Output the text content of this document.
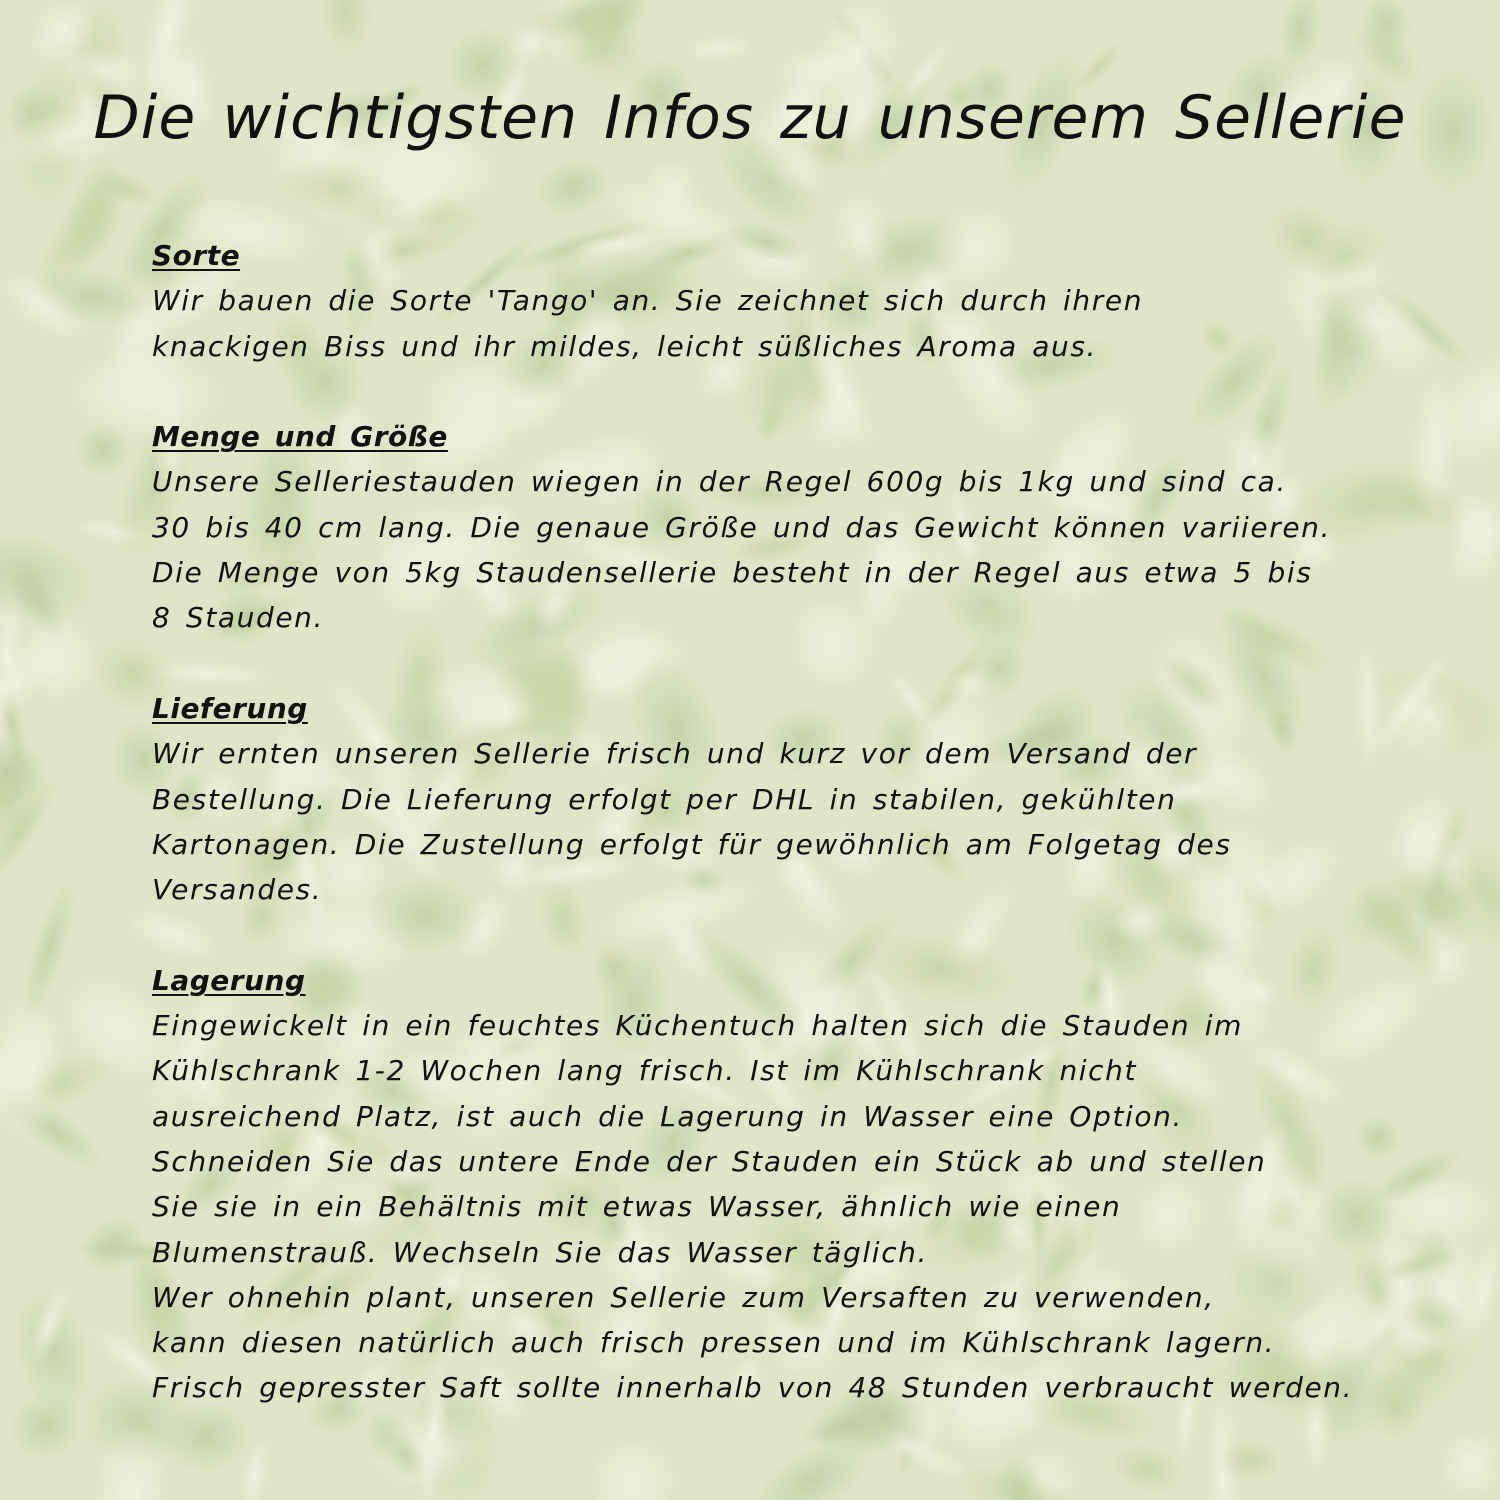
Die wichtigsten Infos zu unserem Sellerie
Sorte
Wir bauen die Sorte 'Tango' an. Sie zeichnet sich durch ihren
knackigen Biss und ihr mildes, leicht süßliches Aroma aus.
Menge und Größe
Unsere Selleriestauden wiegen in der Regel 600g bis 1kg und sind ca.
30 bis 40 cm lang. Die genaue Größe und das Gewicht können variieren.
Die Menge von 5kg Staudensellerie besteht in der Regel aus etwa 5 bis
8 Stauden.
Lieferung
Wir ernten unseren Sellerie frisch und kurz vor dem Versand der
Bestellung. Die Lieferung erfolgt per DHL in stabilen, gekühlten
Kartonagen. Die Zustellung erfolgt für gewöhnlich am Folgetag des
Versandes.
Lagerung
Eingewickelt in ein feuchtes Küchentuch halten sich die Stauden im
Kühlschrank 1-2 Wochen lang frisch. Ist im Kühlschrank nicht
ausreichend Platz, ist auch die Lagerung in Wasser eine Option.
Schneiden Sie das untere Ende der Stauden ein Stück ab und stellen
Sie sie in ein Behältnis mit etwas Wasser, ähnlich wie einen
Blumenstrauß. Wechseln Sie das Wasser täglich.
Wer ohnehin plant, unseren Sellerie zum Versaften zu verwenden,
kann diesen natürlich auch frisch pressen und im Kühlschrank lagern.
Frisch gepresster Saft sollte innerhalb von 48 Stunden verbraucht werden.
